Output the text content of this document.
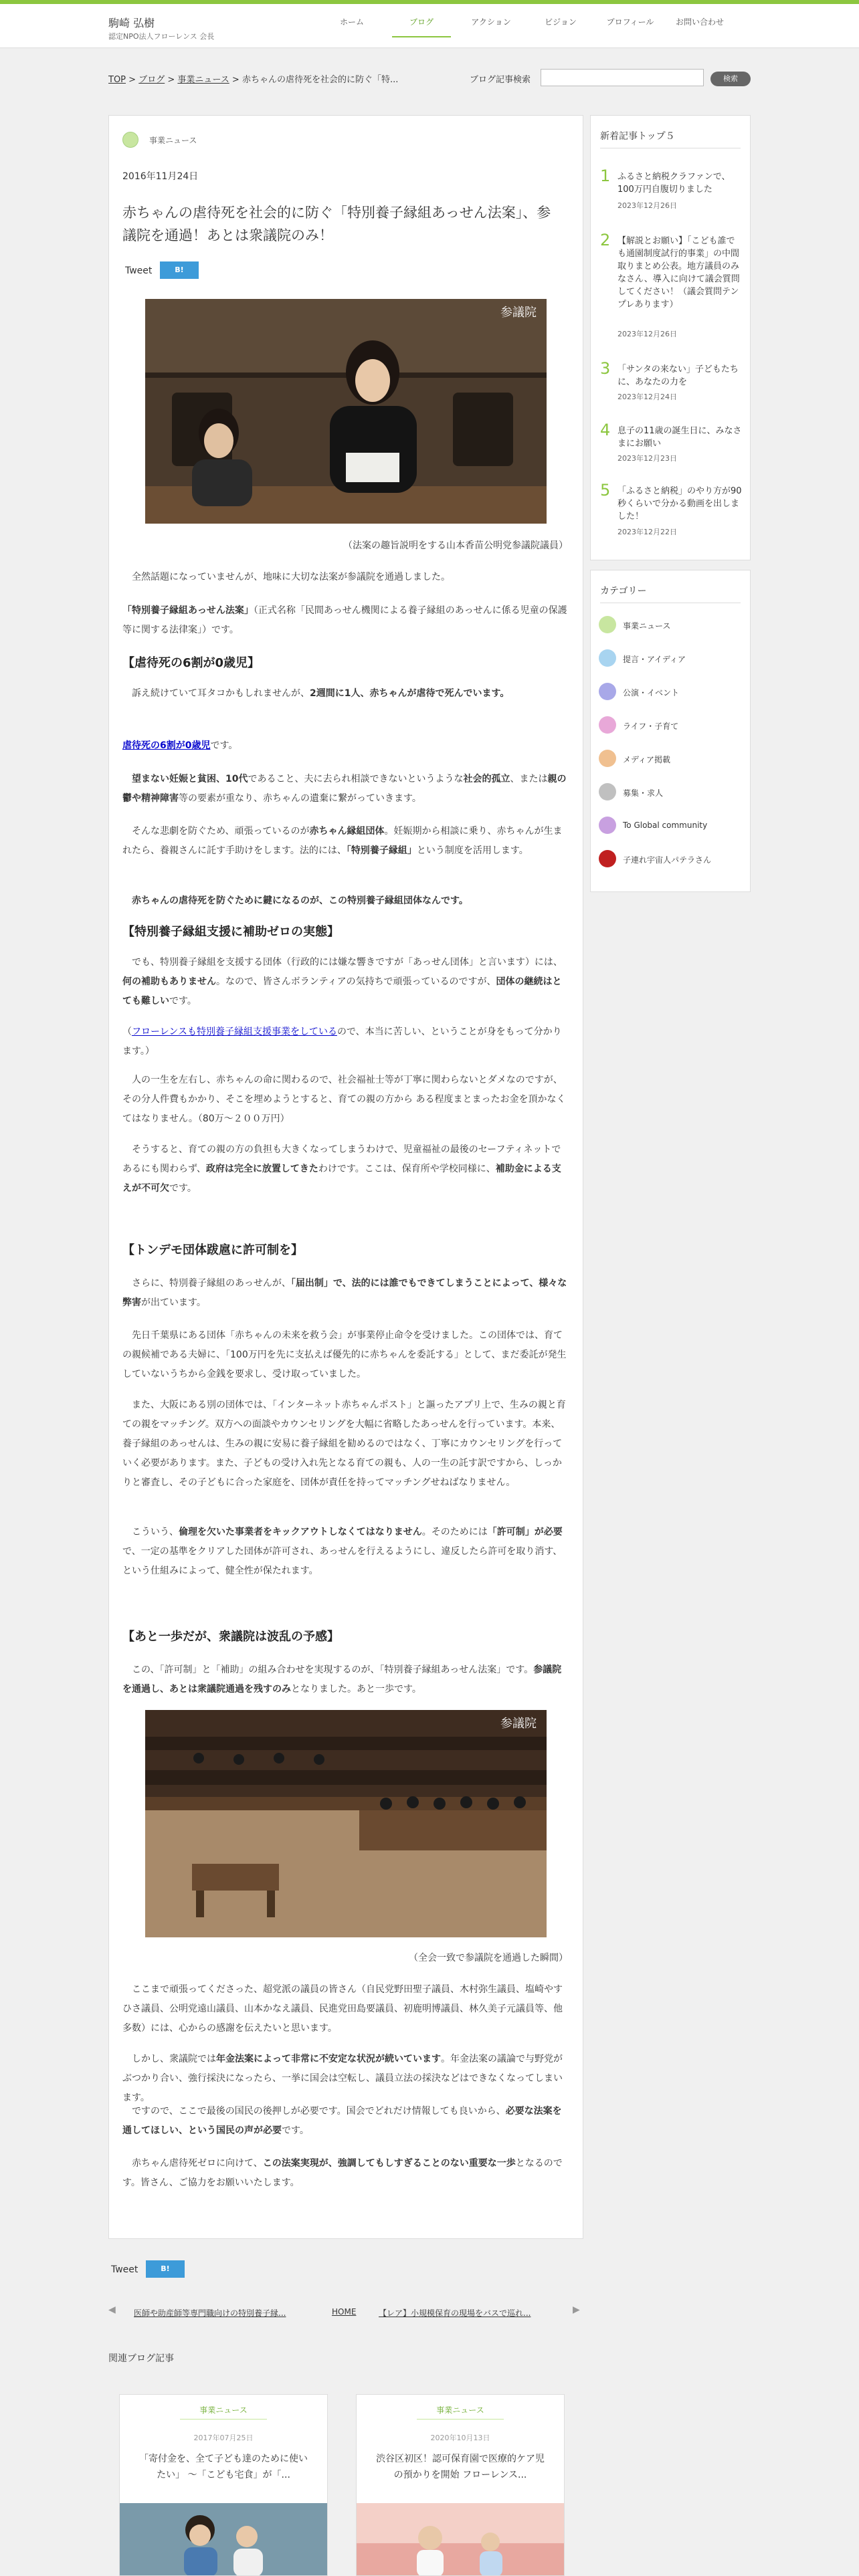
駒崎 弘樹
認定NPO法人フローレンス 会長
ホーム	ブログ	アクション	ビジョン	プロフィール	お問い合わせ
TOP > ブログ > 事業ニュース > 赤ちゃんの虐待死を社会的に防ぐ「特...	ブログ記事検索	検索
事業ニュース
2016年11月24日
赤ちゃんの虐待死を社会的に防ぐ「特別養子縁組あっせん法案」、参議院を通過！あとは衆議院のみ！
Tweet	B!
参議院
（法案の趣旨説明をする山本香苗公明党参議院議員）
全然話題になっていませんが、地味に大切な法案が参議院を通過しました。
「特別養子縁組あっせん法案」（正式名称「民間あっせん機関による養子縁組のあっせんに係る児童の保護等に関する法律案」）です。
【虐待死の6割が0歳児】
訴え続けていて耳タコかもしれませんが、2週間に1人、赤ちゃんが虐待で死んでいます。
虐待死の6割が0歳児です。
望まない妊娠と貧困、10代であること、夫に去られ相談できないというような社会的孤立、または親の鬱や精神障害等の要素が重なり、赤ちゃんの遺棄に繋がっていきます。
そんな悲劇を防ぐため、頑張っているのが赤ちゃん縁組団体。妊娠期から相談に乗り、赤ちゃんが生まれたら、養親さんに託す手助けをします。法的には、「特別養子縁組」という制度を活用します。
赤ちゃんの虐待死を防ぐために鍵になるのが、この特別養子縁組団体なんです。
【特別養子縁組支援に補助ゼロの実態】
でも、特別養子縁組を支援する団体（行政的には嫌な響きですが「あっせん団体」と言います）には、何の補助もありません。なので、皆さんボランティアの気持ちで頑張っているのですが、団体の継続はとても難しいです。
（フローレンスも特別養子縁組支援事業をしているので、本当に苦しい、ということが身をもって分かります。）
人の一生を左右し、赤ちゃんの命に関わるので、社会福祉士等が丁寧に関わらないとダメなのですが、その分人件費もかかり、そこを埋めようとすると、育ての親の方から ある程度まとまったお金を頂かなくてはなりません。（80万〜２００万円）
そうすると、育ての親の方の負担も大きくなってしまうわけで、児童福祉の最後のセーフティネットであるにも関わらず、政府は完全に放置してきたわけです。ここは、保育所や学校同様に、補助金による支えが不可欠です。
【トンデモ団体跋扈に許可制を】
さらに、特別養子縁組のあっせんが、「届出制」で、法的には誰でもできてしまうことによって、様々な弊害が出ています。
先日千葉県にある団体「赤ちゃんの未来を救う会」が事業停止命令を受けました。この団体では、育ての親候補である夫婦に、「100万円を先に支払えば優先的に赤ちゃんを委託する」として、まだ委託が発生していないうちから金銭を要求し、受け取っていました。
また、大阪にある別の団体では、「インターネット赤ちゃんポスト」と謳ったアプリ上で、生みの親と育ての親をマッチング。双方への面談やカウンセリングを大幅に省略したあっせんを行っています。本来、養子縁組のあっせんは、生みの親に安易に養子縁組を勧めるのではなく、丁寧にカウンセリングを行っていく必要があります。また、子どもの受け入れ先となる育ての親も、人の一生の託す訳ですから、しっかりと審査し、その子どもに合った家庭を、団体が責任を持ってマッチングせねばなりません。
こういう、倫理を欠いた事業者をキックアウトしなくてはなりません。そのためには「許可制」が必要で、一定の基準をクリアした団体が許可され、あっせんを行えるようにし、違反したら許可を取り消す、という仕組みによって、健全性が保たれます。
【あと一歩だが、衆議院は波乱の予感】
この、「許可制」と「補助」の組み合わせを実現するのが、「特別養子縁組あっせん法案」です。参議院を通過し、あとは衆議院通過を残すのみとなりました。あと一歩です。
参議院
（全会一致で参議院を通過した瞬間）
ここまで頑張ってくださった、超党派の議員の皆さん（自民党野田聖子議員、木村弥生議員、塩崎やすひさ議員、公明党遠山議員、山本かなえ議員、民進党田島要議員、初鹿明博議員、林久美子元議員等、他多数）には、心からの感謝を伝えたいと思います。
しかし、衆議院では年金法案によって非常に不安定な状況が続いています。年金法案の議論で与野党がぶつかり合い、強行採決になったら、一挙に国会は空転し、議員立法の採決などはできなくなってしまいます。
ですので、ここで最後の国民の後押しが必要です。国会でどれだけ情報しても良いから、必要な法案を通してほしい、という国民の声が必要です。
赤ちゃん虐待死ゼロに向けて、この法案実現が、強調してもしすぎることのない重要な一歩となるのです。皆さん、ご協力をお願いいたします。
Tweet	B!
◀ 医師や助産師等専門職向けの特別養子縁...	HOME	【レア】小規模保育の現場をバスで巡れ...	▶
関連ブログ記事
事業ニュース
2017年07月25日
「寄付金を、全て子ども達のために使いたい」 〜「こども宅食」が「...
事業ニュース
2020年10月13日
渋谷区初区！認可保育園で医療的ケア児の預かりを開始 フローレンス...
新着記事トップ５
1 ふるさと納税クラファンで、100万円自腹切りました
2023年12月26日
2 【解説とお願い】「こども誰でも通園制度試行的事業」の中間取りまとめ公表。地方議員のみなさん、導入に向けて議会質問してください！（議会質問テンプレあります）
2023年12月26日
3 「サンタの来ない」子どもたちに、あなたの力を
2023年12月24日
4 息子の11歳の誕生日に、みなさまにお願い
2023年12月23日
5 「ふるさと納税」のやり方が90秒くらいで分かる動画を出しました！
2023年12月22日
カテゴリー
事業ニュース
提言・アイディア
公演・イベント
ライフ・子育て
メディア掲載
募集・求人
To Global community
子連れ宇宙人パテラさん
